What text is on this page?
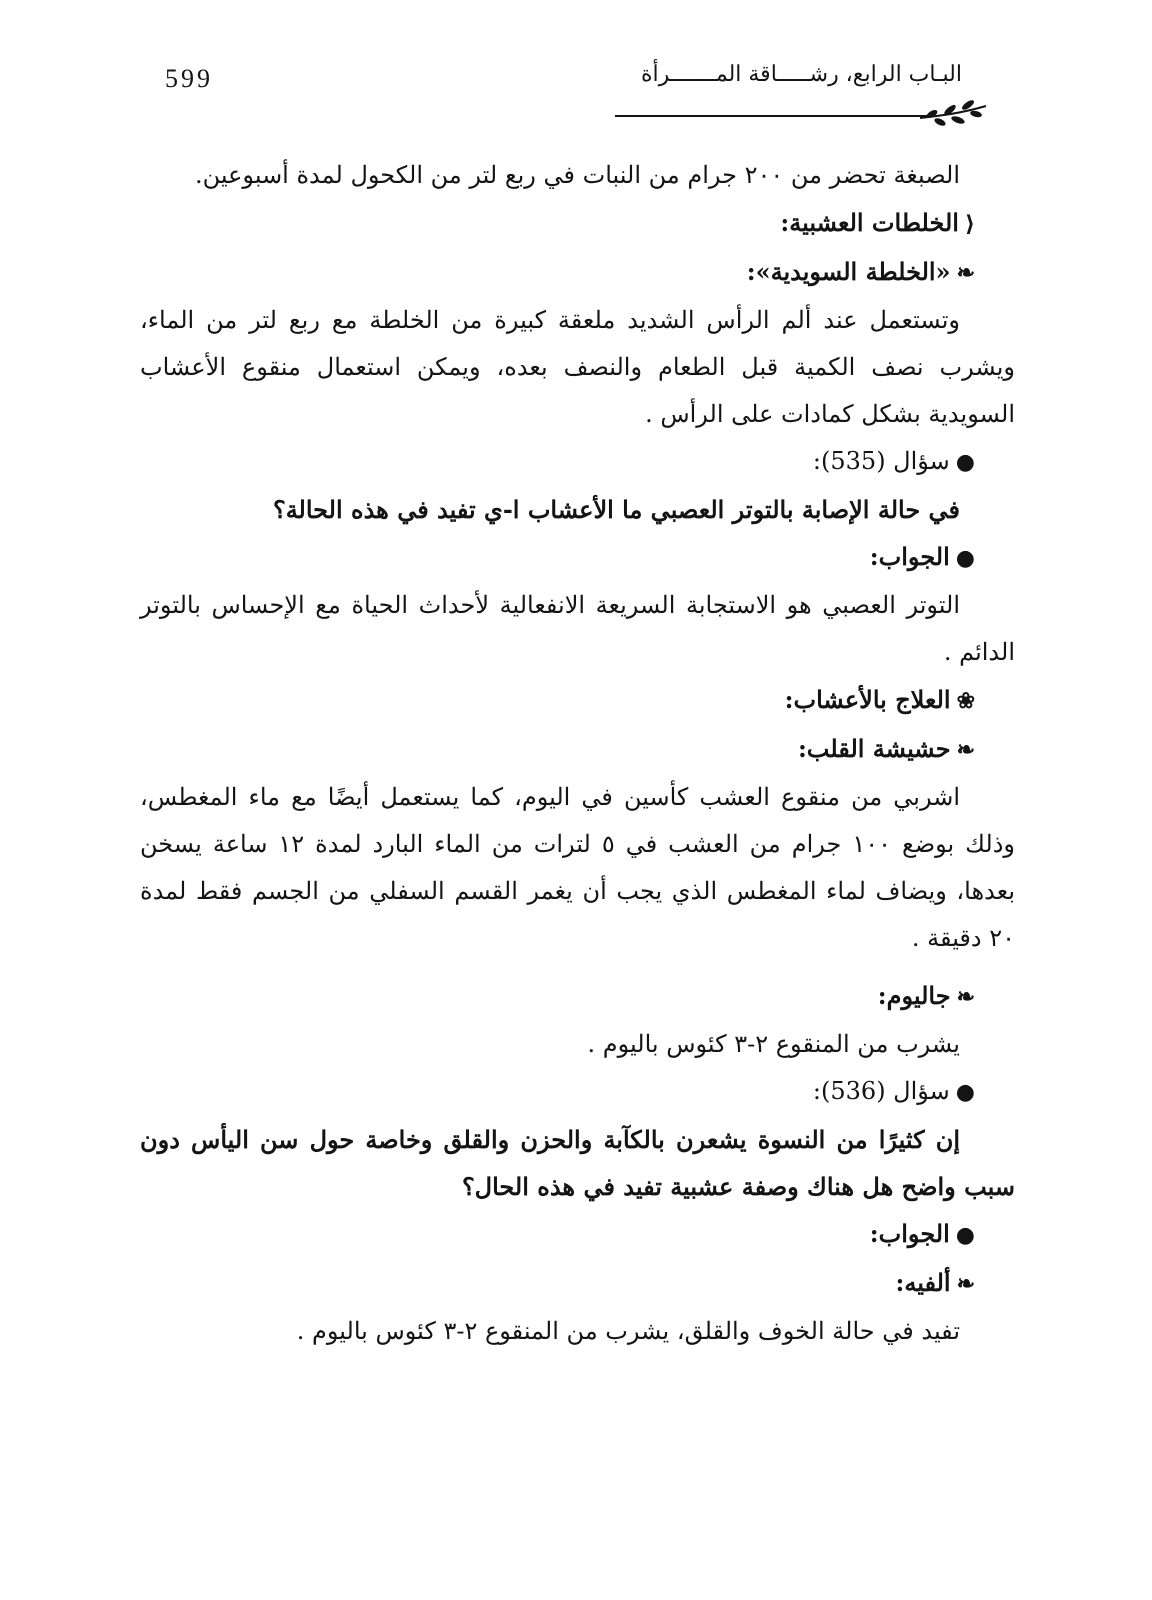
599	البـاب الرابع، رشـــــاقة المـــــــرأة

الصبغة تحضر من ٢٠٠ جرام من النبات في ربع لتر من الكحول لمدة أسبوعين.

⟨الخلطات العشبية:

❧«الخلطة السويدية»:

وتستعمل عند ألم الرأس الشديد ملعقة كبيرة من الخلطة مع ربع لتر من الماء، ويشرب نصف الكمية قبل الطعام والنصف بعده، ويمكن استعمال منقوع الأعشاب السويدية بشكل كمادات على الرأس .

●سؤال (535):

في حالة الإصابة بالتوتر العصبي ما الأعشاب ا-ي تفيد في هذه الحالة؟

●الجواب:

التوتر العصبي هو الاستجابة السريعة الانفعالية لأحداث الحياة مع الإحساس بالتوتر الدائم .

❀العلاج بالأعشاب:

❧حشيشة القلب:

اشربي من منقوع العشب كأسين في اليوم، كما يستعمل أيضًا مع ماء المغطس، وذلك بوضع ١٠٠ جرام من العشب في ٥ لترات من الماء البارد لمدة ١٢ ساعة يسخن بعدها، ويضاف لماء المغطس الذي يجب أن يغمر القسم السفلي من الجسم فقط لمدة ٢٠ دقيقة .

❧جاليوم:

يشرب من المنقوع ٢-٣ كئوس باليوم .

●سؤال (536):

إن كثيرًا من النسوة يشعرن بالكآبة والحزن والقلق وخاصة حول سن اليأس دون سبب واضح هل هناك وصفة عشبية تفيد في هذه الحال؟

●الجواب:

❧ألفيه:

تفيد في حالة الخوف والقلق، يشرب من المنقوع ٢-٣ كئوس باليوم .
